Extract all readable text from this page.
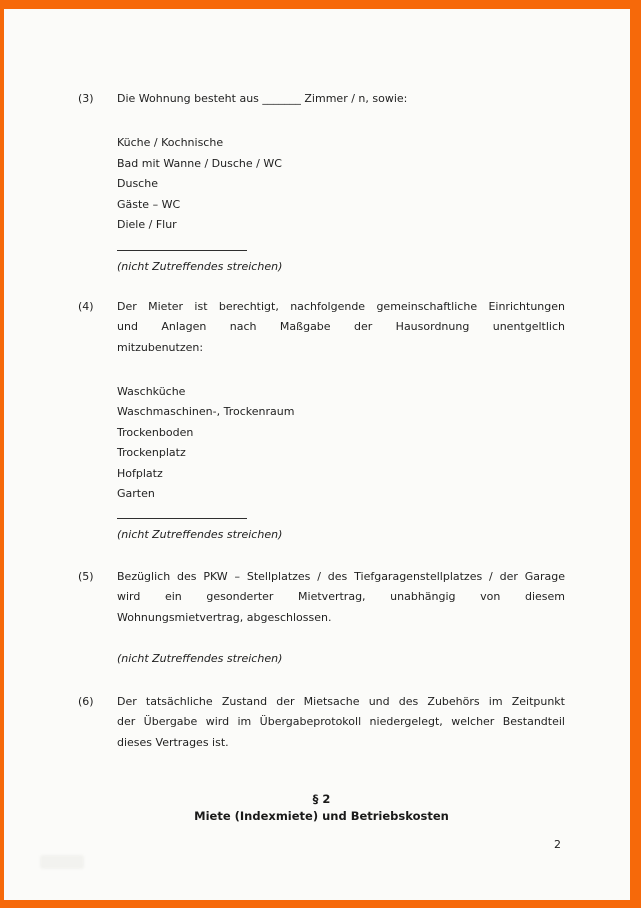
(3)	Die Wohnung besteht aus _______ Zimmer / n, sowie:
Küche / Kochnische
Bad mit Wanne / Dusche / WC
Dusche
Gäste – WC
Diele / Flur
(nicht Zutreffendes streichen)
(4)	Der Mieter ist berechtigt, nachfolgende gemeinschaftliche Einrichtungen
und Anlagen nach Maßgabe der Hausordnung unentgeltlich
mitzubenutzen:
Waschküche
Waschmaschinen-, Trockenraum
Trockenboden
Trockenplatz
Hofplatz
Garten
(nicht Zutreffendes streichen)
(5)	Bezüglich des PKW – Stellplatzes / des Tiefgaragenstellplatzes / der Garage
wird ein gesonderter Mietvertrag, unabhängig von diesem
Wohnungsmietvertrag, abgeschlossen.
(nicht Zutreffendes streichen)
(6)	Der tatsächliche Zustand der Mietsache und des Zubehörs im Zeitpunkt
der Übergabe wird im Übergabeprotokoll niedergelegt, welcher Bestandteil
dieses Vertrages ist.
§ 2
Miete (Indexmiete) und Betriebskosten
2
